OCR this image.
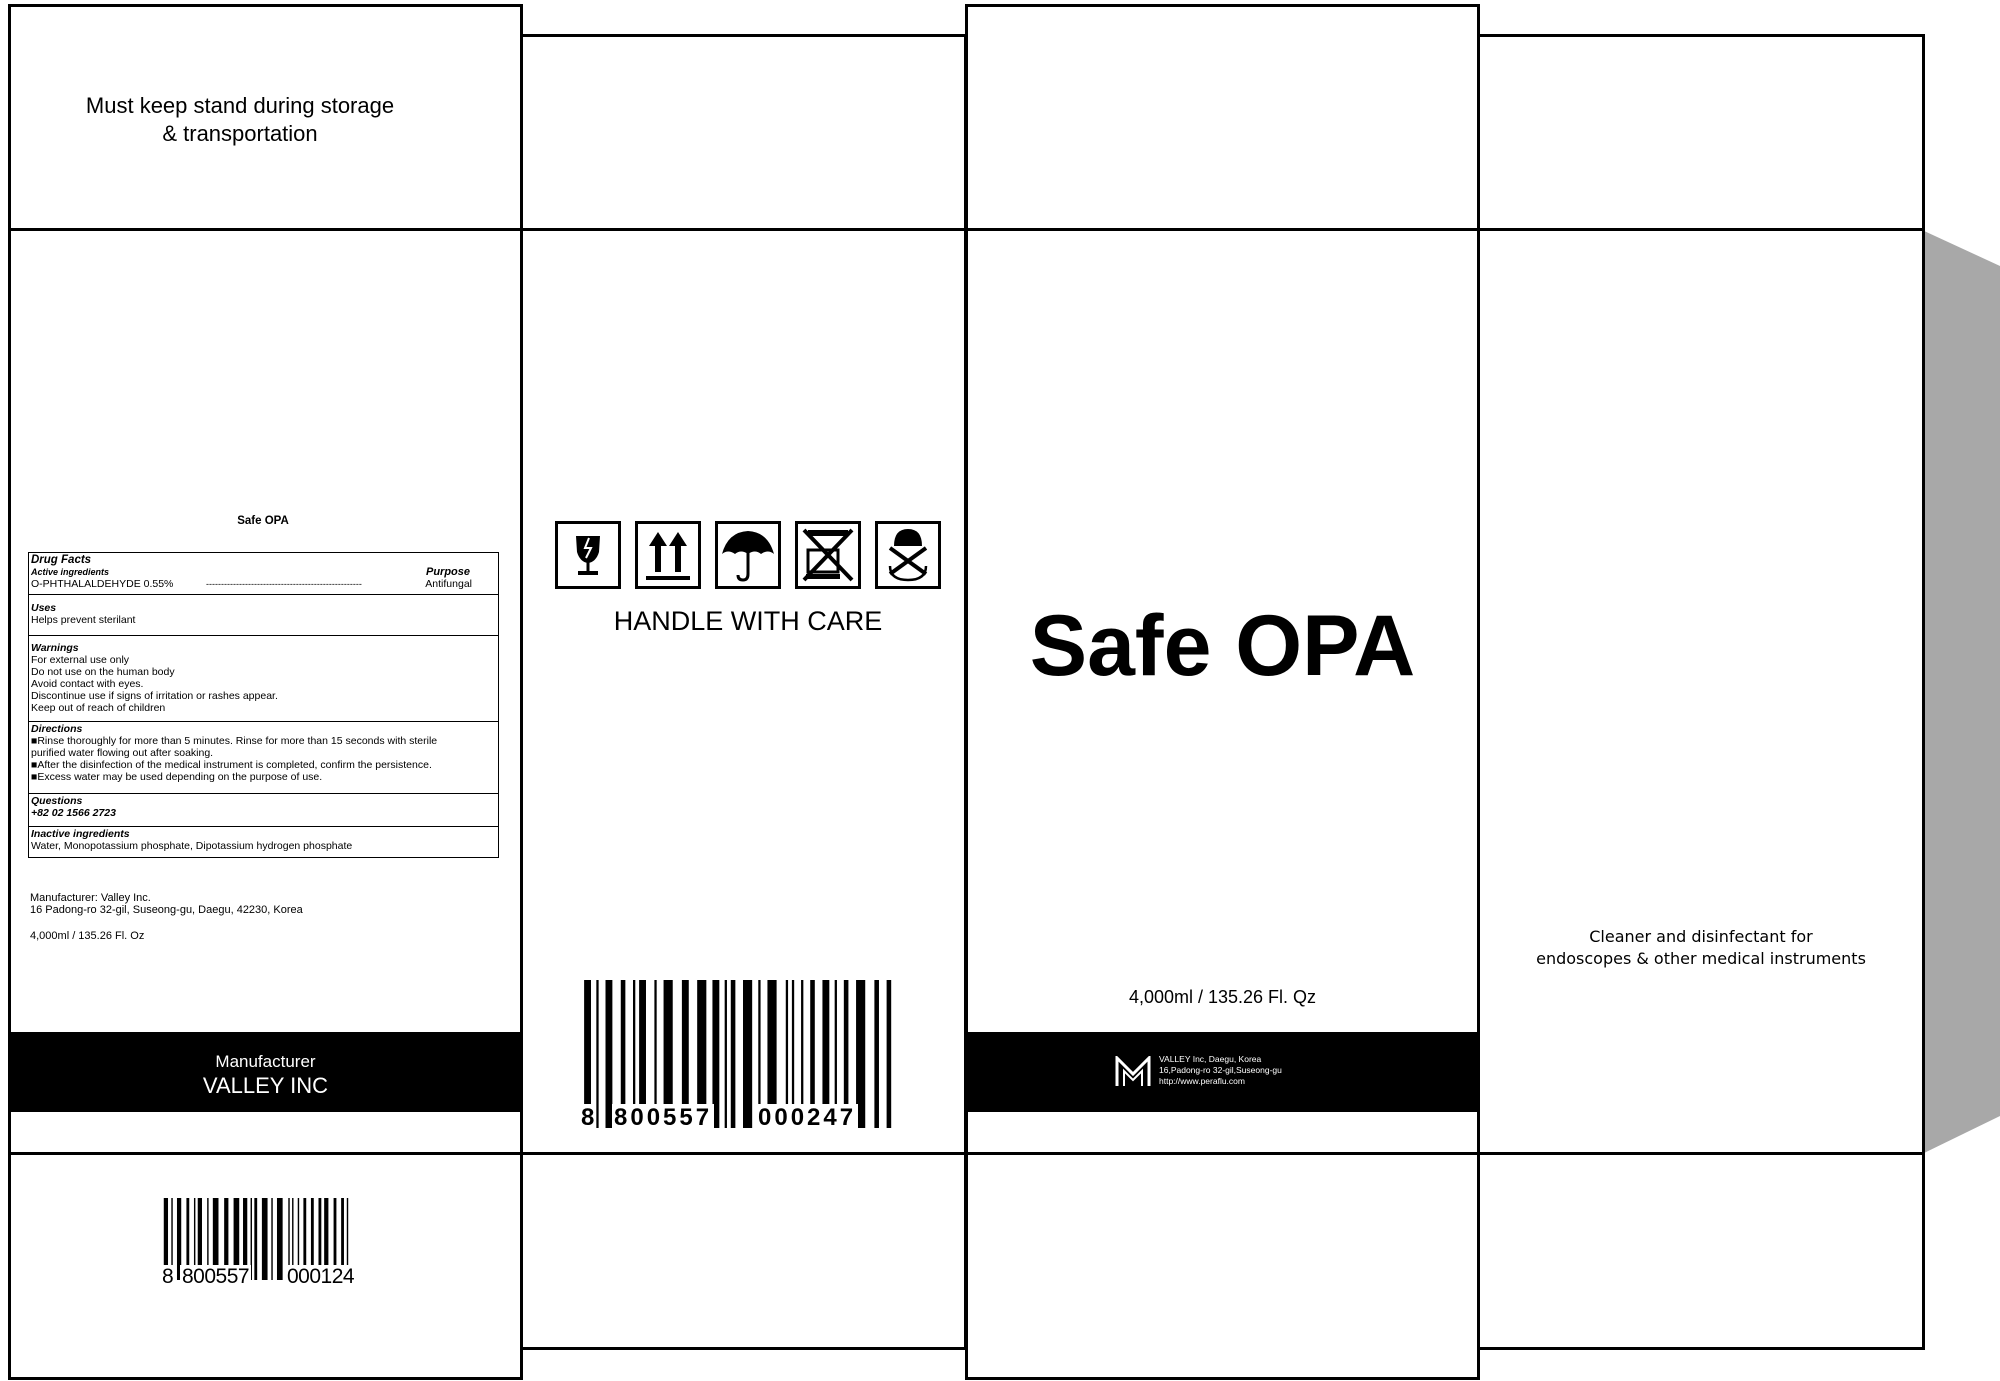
Must keep stand during storage
& transportation
Safe OPA
Drug Facts
Active ingredients	Purpose
O-PHTHALALDEHYDE 0.55%	----------------------------------------------------	Antifungal
Uses
Helps prevent sterilant
Warnings
For external use only
Do not use on the human body
Avoid contact with eyes.
Discontinue use if signs of irritation or rashes appear.
Keep out of reach of children
Directions
■Rinse thoroughly for more than 5 minutes. Rinse for more than 15 seconds with sterile
purified water flowing out after soaking.
■After the disinfection of the medical instrument is completed, confirm the persistence.
■Excess water may be used depending on the purpose of use.
Questions
+82 02 1566 2723
Inactive ingredients
Water, Monopotassium phosphate, Dipotassium hydrogen phosphate
Manufacturer: Valley Inc.
16 Padong-ro 32-gil, Suseong-gu, Daegu, 42230, Korea
4,000ml / 135.26 Fl. Oz
Manufacturer
VALLEY INC
8 800557 000124
HANDLE WITH CARE
8 800557 000247
Safe OPA
4,000ml / 135.26 Fl. Qz
VALLEY Inc, Daegu, Korea
16,Padong-ro 32-gil,Suseong-gu
http://www.peraflu.com
Cleaner and disinfectant for
endoscopes & other medical instruments
